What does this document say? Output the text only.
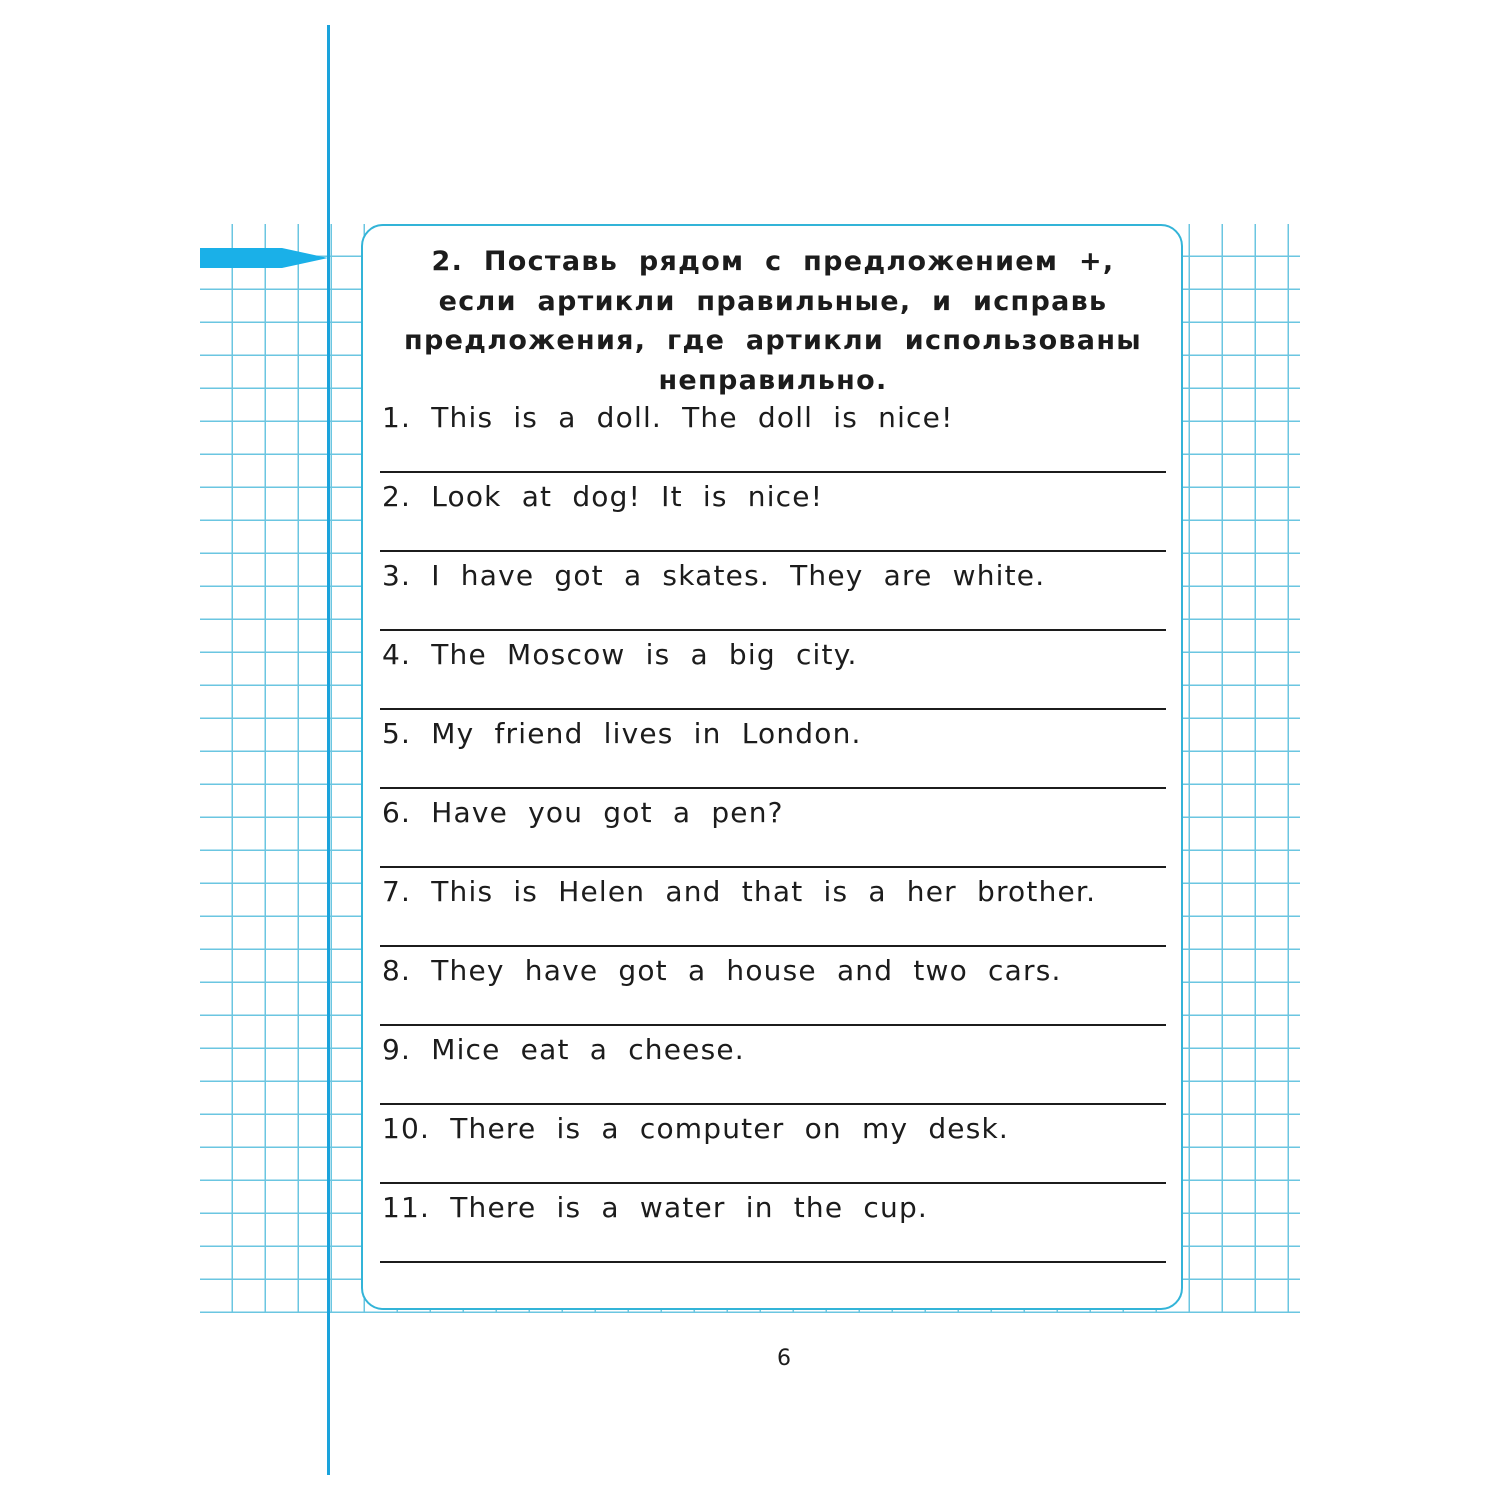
2. Поставь рядом с предложением +, если артикли правильные, и исправь предложения, где артикли использованы неправильно.
1. This is a doll. The doll is nice!
2. Look at dog! It is nice!
3. I have got a skates. They are white.
4. The Moscow is a big city.
5. My friend lives in London.
6. Have you got a pen?
7. This is Helen and that is a her brother.
8. They have got a house and two cars.
9. Mice eat a cheese.
10. There is a computer on my desk.
11. There is a water in the cup.
6
